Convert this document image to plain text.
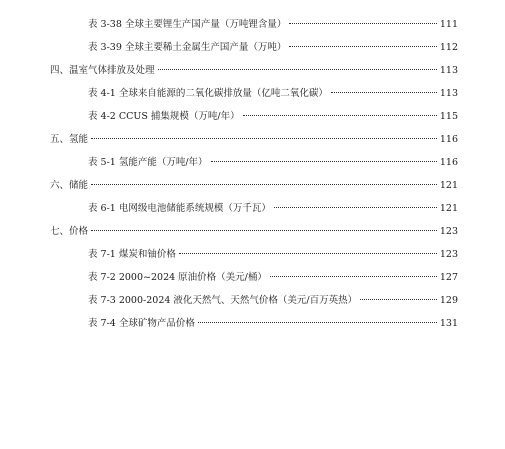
表 3-38 全球主要锂生产国产量（万吨锂含量）	111
表 3-39 全球主要稀土金属生产国产量（万吨）	112
四、温室气体排放及处理	113
表 4-1 全球来自能源的二氧化碳排放量（亿吨二氧化碳）	113
表 4-2 CCUS 捕集规模（万吨/年）	115
五、氢能	116
表 5-1 氢能产能（万吨/年）	116
六、储能	121
表 6-1 电网级电池储能系统规模（万千瓦）	121
七、价格	123
表 7-1 煤炭和铀价格	123
表 7-2 2000~2024 原油价格（美元/桶）	127
表 7-3 2000-2024 液化天然气、天然气价格（美元/百万英热）	129
表 7-4 全球矿物产品价格	131
